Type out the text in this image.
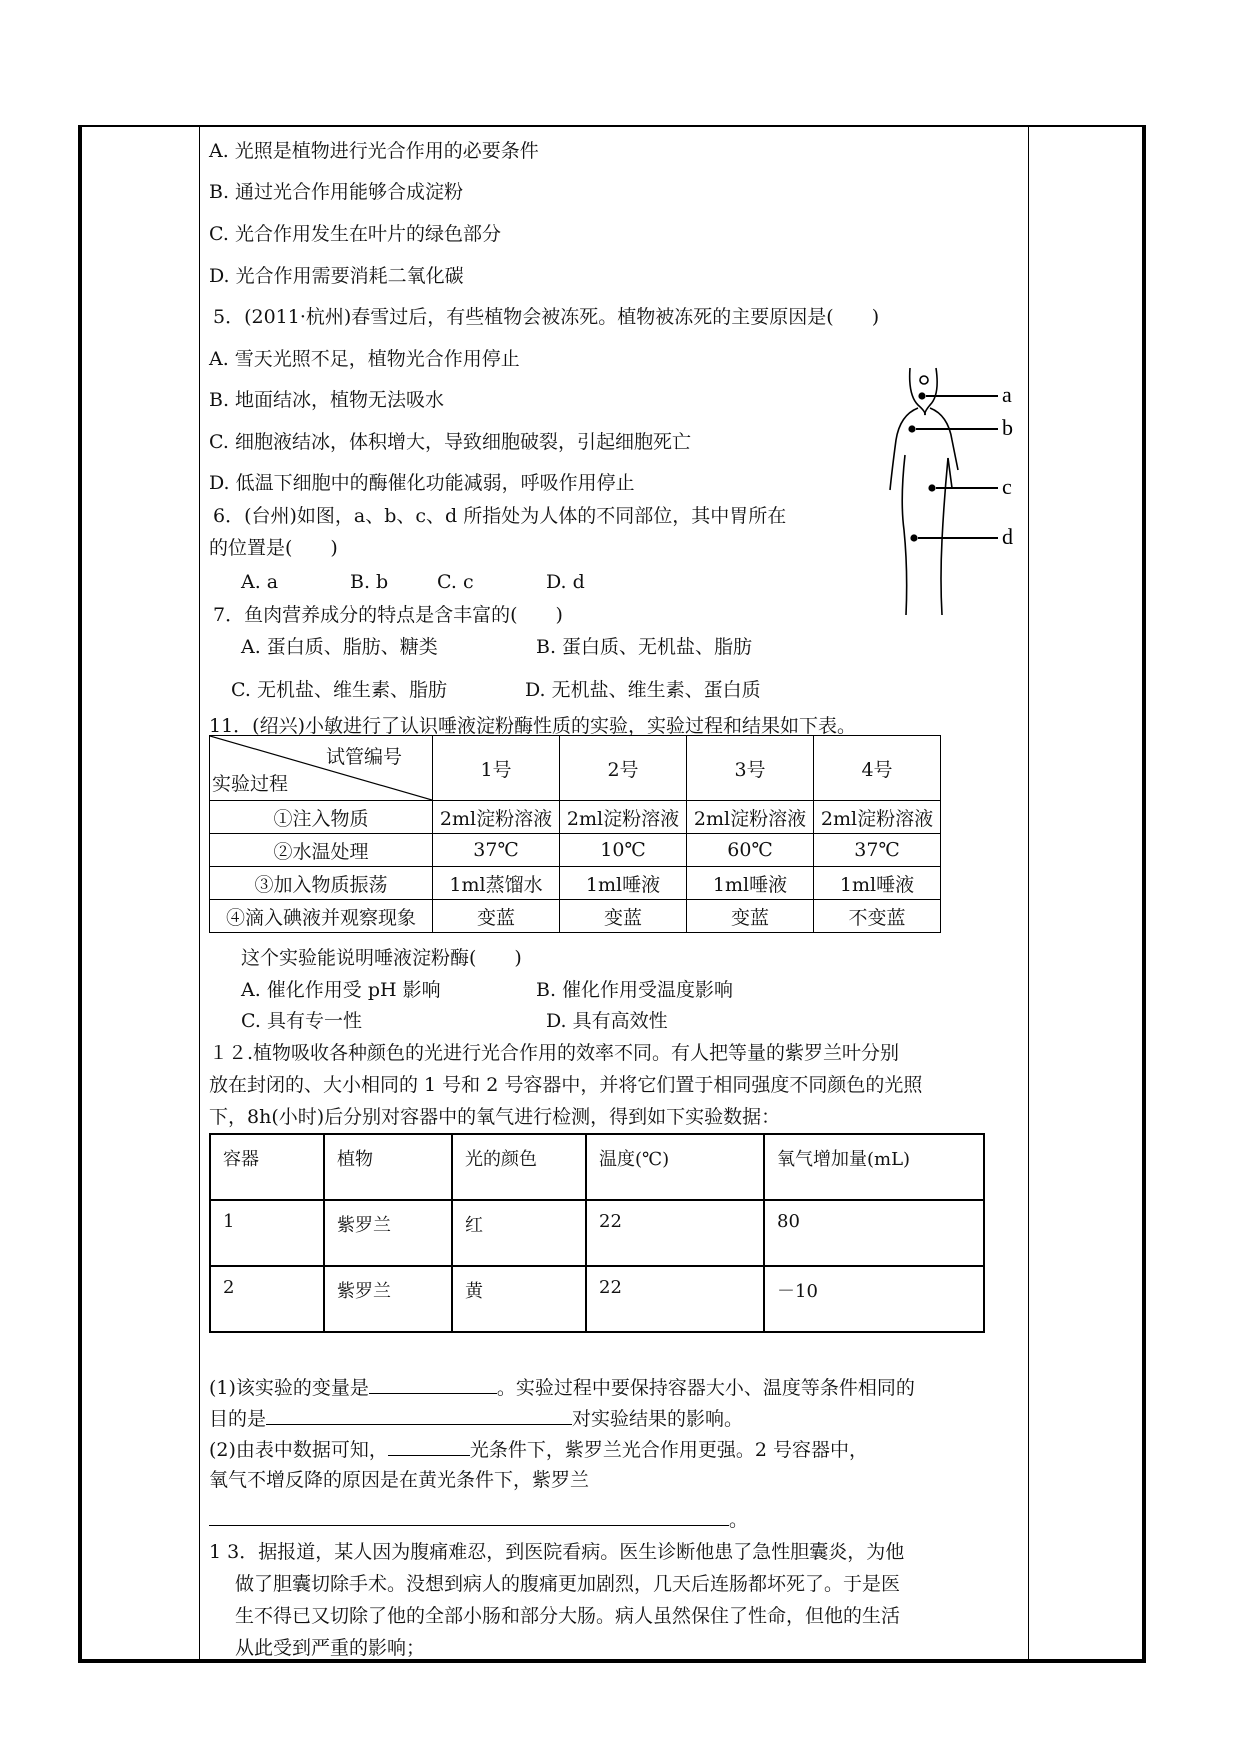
A. 光照是植物进行光合作用的必要条件
B. 通过光合作用能够合成淀粉
C. 光合作用发生在叶片的绿色部分
D. 光合作用需要消耗二氧化碳
5．(2011·杭州)春雪过后，有些植物会被冻死。植物被冻死的主要原因是(　　)
A. 雪天光照不足，植物光合作用停止
B. 地面结冰，植物无法吸水
C. 细胞液结冰，体积增大，导致细胞破裂，引起细胞死亡
D. 低温下细胞中的酶催化功能减弱，呼吸作用停止
6．(台州)如图，a、b、c、d 所指处为人体的不同部位，其中胃所在
的位置是(　　)
A. a	B. b	C. c	D. d
a
b
c
d
7．鱼肉营养成分的特点是含丰富的(　　)
A. 蛋白质、脂肪、糖类	B. 蛋白质、无机盐、脂肪
C. 无机盐、维生素、脂肪	D. 无机盐、维生素、蛋白质
11．(绍兴)小敏进行了认识唾液淀粉酶性质的实验，实验过程和结果如下表。
试管编号
实验过程	1号	2号	3号	4号
①注入物质	2ml淀粉溶液	2ml淀粉溶液	2ml淀粉溶液	2ml淀粉溶液
②水温处理	37℃	10℃	60℃	37℃
③加入物质振荡	1ml蒸馏水	1ml唾液	1ml唾液	1ml唾液
④滴入碘液并观察现象	变蓝	变蓝	变蓝	不变蓝
这个实验能说明唾液淀粉酶(　　)
A. 催化作用受 pH 影响	B. 催化作用受温度影响
C. 具有专一性	D. 具有高效性
１２.植物吸收各种颜色的光进行光合作用的效率不同。有人把等量的紫罗兰叶分别
放在封闭的、大小相同的 1 号和 2 号容器中，并将它们置于相同强度不同颜色的光照
下，8h(小时)后分别对容器中的氧气进行检测，得到如下实验数据：
容器	植物	光的颜色	温度(℃)	氧气增加量(mL)
1	紫罗兰	红	22	80
2	紫罗兰	黄	22	－10
(1)该实验的变量是	。实验过程中要保持容器大小、温度等条件相同的
目的是	对实验结果的影响。
(2)由表中数据可知，	光条件下，紫罗兰光合作用更强。2 号容器中，
氧气不增反降的原因是在黄光条件下，紫罗兰
。
1 3．据报道，某人因为腹痛难忍，到医院看病。医生诊断他患了急性胆囊炎，为他
做了胆囊切除手术。没想到病人的腹痛更加剧烈，几天后连肠都坏死了。于是医
生不得已又切除了他的全部小肠和部分大肠。病人虽然保住了性命，但他的生活
从此受到严重的影响；
